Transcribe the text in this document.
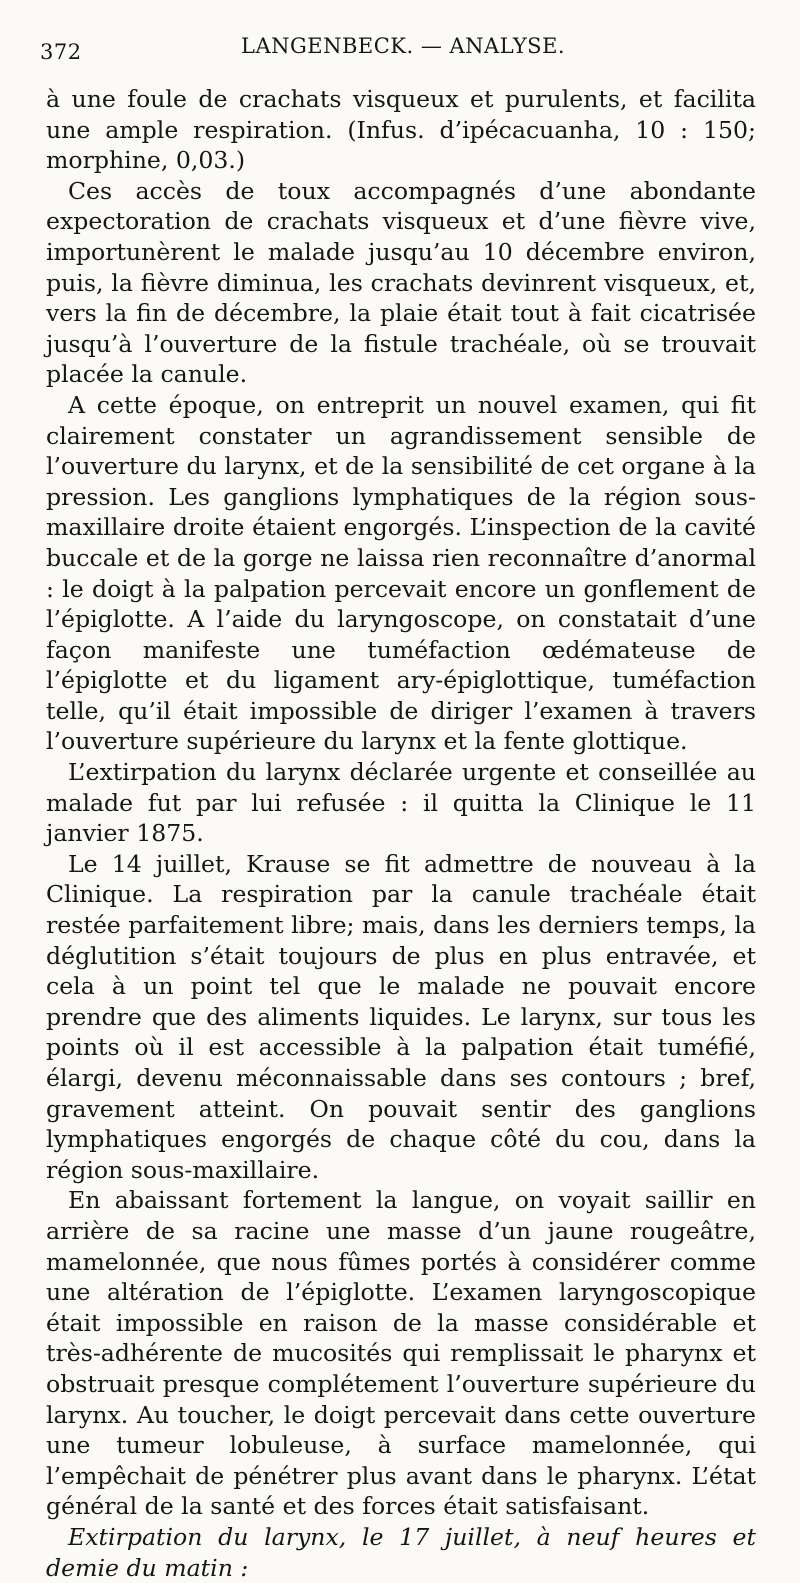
372	LANGENBECK. — ANALYSE.

à une foule de crachats visqueux et purulents, et facilita une ample respiration. (Infus. d’ipécacuanha, 10 : 150; morphine, 0,03.)

Ces accès de toux accompagnés d’une abondante expectoration de crachats visqueux et d’une fièvre vive, importunèrent le malade jusqu’au 10 décembre environ, puis, la fièvre diminua, les crachats devinrent visqueux, et, vers la fin de décembre, la plaie était tout à fait cicatrisée jusqu’à l’ouverture de la fistule trachéale, où se trouvait placée la canule.

A cette époque, on entreprit un nouvel examen, qui fit clairement constater un agrandissement sensible de l’ouverture du larynx, et de la sensibilité de cet organe à la pression. Les ganglions lymphatiques de la région sous-maxillaire droite étaient engorgés. L’inspection de la cavité buccale et de la gorge ne laissa rien reconnaître d’anormal : le doigt à la palpation percevait encore un gonflement de l’épiglotte. A l’aide du laryngoscope, on constatait d’une façon manifeste une tuméfaction œdémateuse de l’épiglotte et du ligament ary-épiglottique, tuméfaction telle, qu’il était impossible de diriger l’examen à travers l’ouverture supérieure du larynx et la fente glottique.

L’extirpation du larynx déclarée urgente et conseillée au malade fut par lui refusée : il quitta la Clinique le 11 janvier 1875.

Le 14 juillet, Krause se fit admettre de nouveau à la Clinique. La respiration par la canule trachéale était restée parfaitement libre; mais, dans les derniers temps, la déglutition s’était toujours de plus en plus entravée, et cela à un point tel que le malade ne pouvait encore prendre que des aliments liquides. Le larynx, sur tous les points où il est accessible à la palpation était tuméfié, élargi, devenu méconnaissable dans ses contours ; bref, gravement atteint. On pouvait sentir des ganglions lymphatiques engorgés de chaque côté du cou, dans la région sous-maxillaire.

En abaissant fortement la langue, on voyait saillir en arrière de sa racine une masse d’un jaune rougeâtre, mamelonnée, que nous fûmes portés à considérer comme une altération de l’épiglotte. L’examen laryngoscopique était impossible en raison de la masse considérable et très-adhérente de mucosités qui remplissait le pharynx et obstruait presque complétement l’ouverture supérieure du larynx. Au toucher, le doigt percevait dans cette ouverture une tumeur lobuleuse, à surface mamelonnée, qui l’empêchait de pénétrer plus avant dans le pharynx. L’état général de la santé et des forces était satisfaisant.

Extirpation du larynx, le 17 juillet, à neuf heures et demie du matin :
